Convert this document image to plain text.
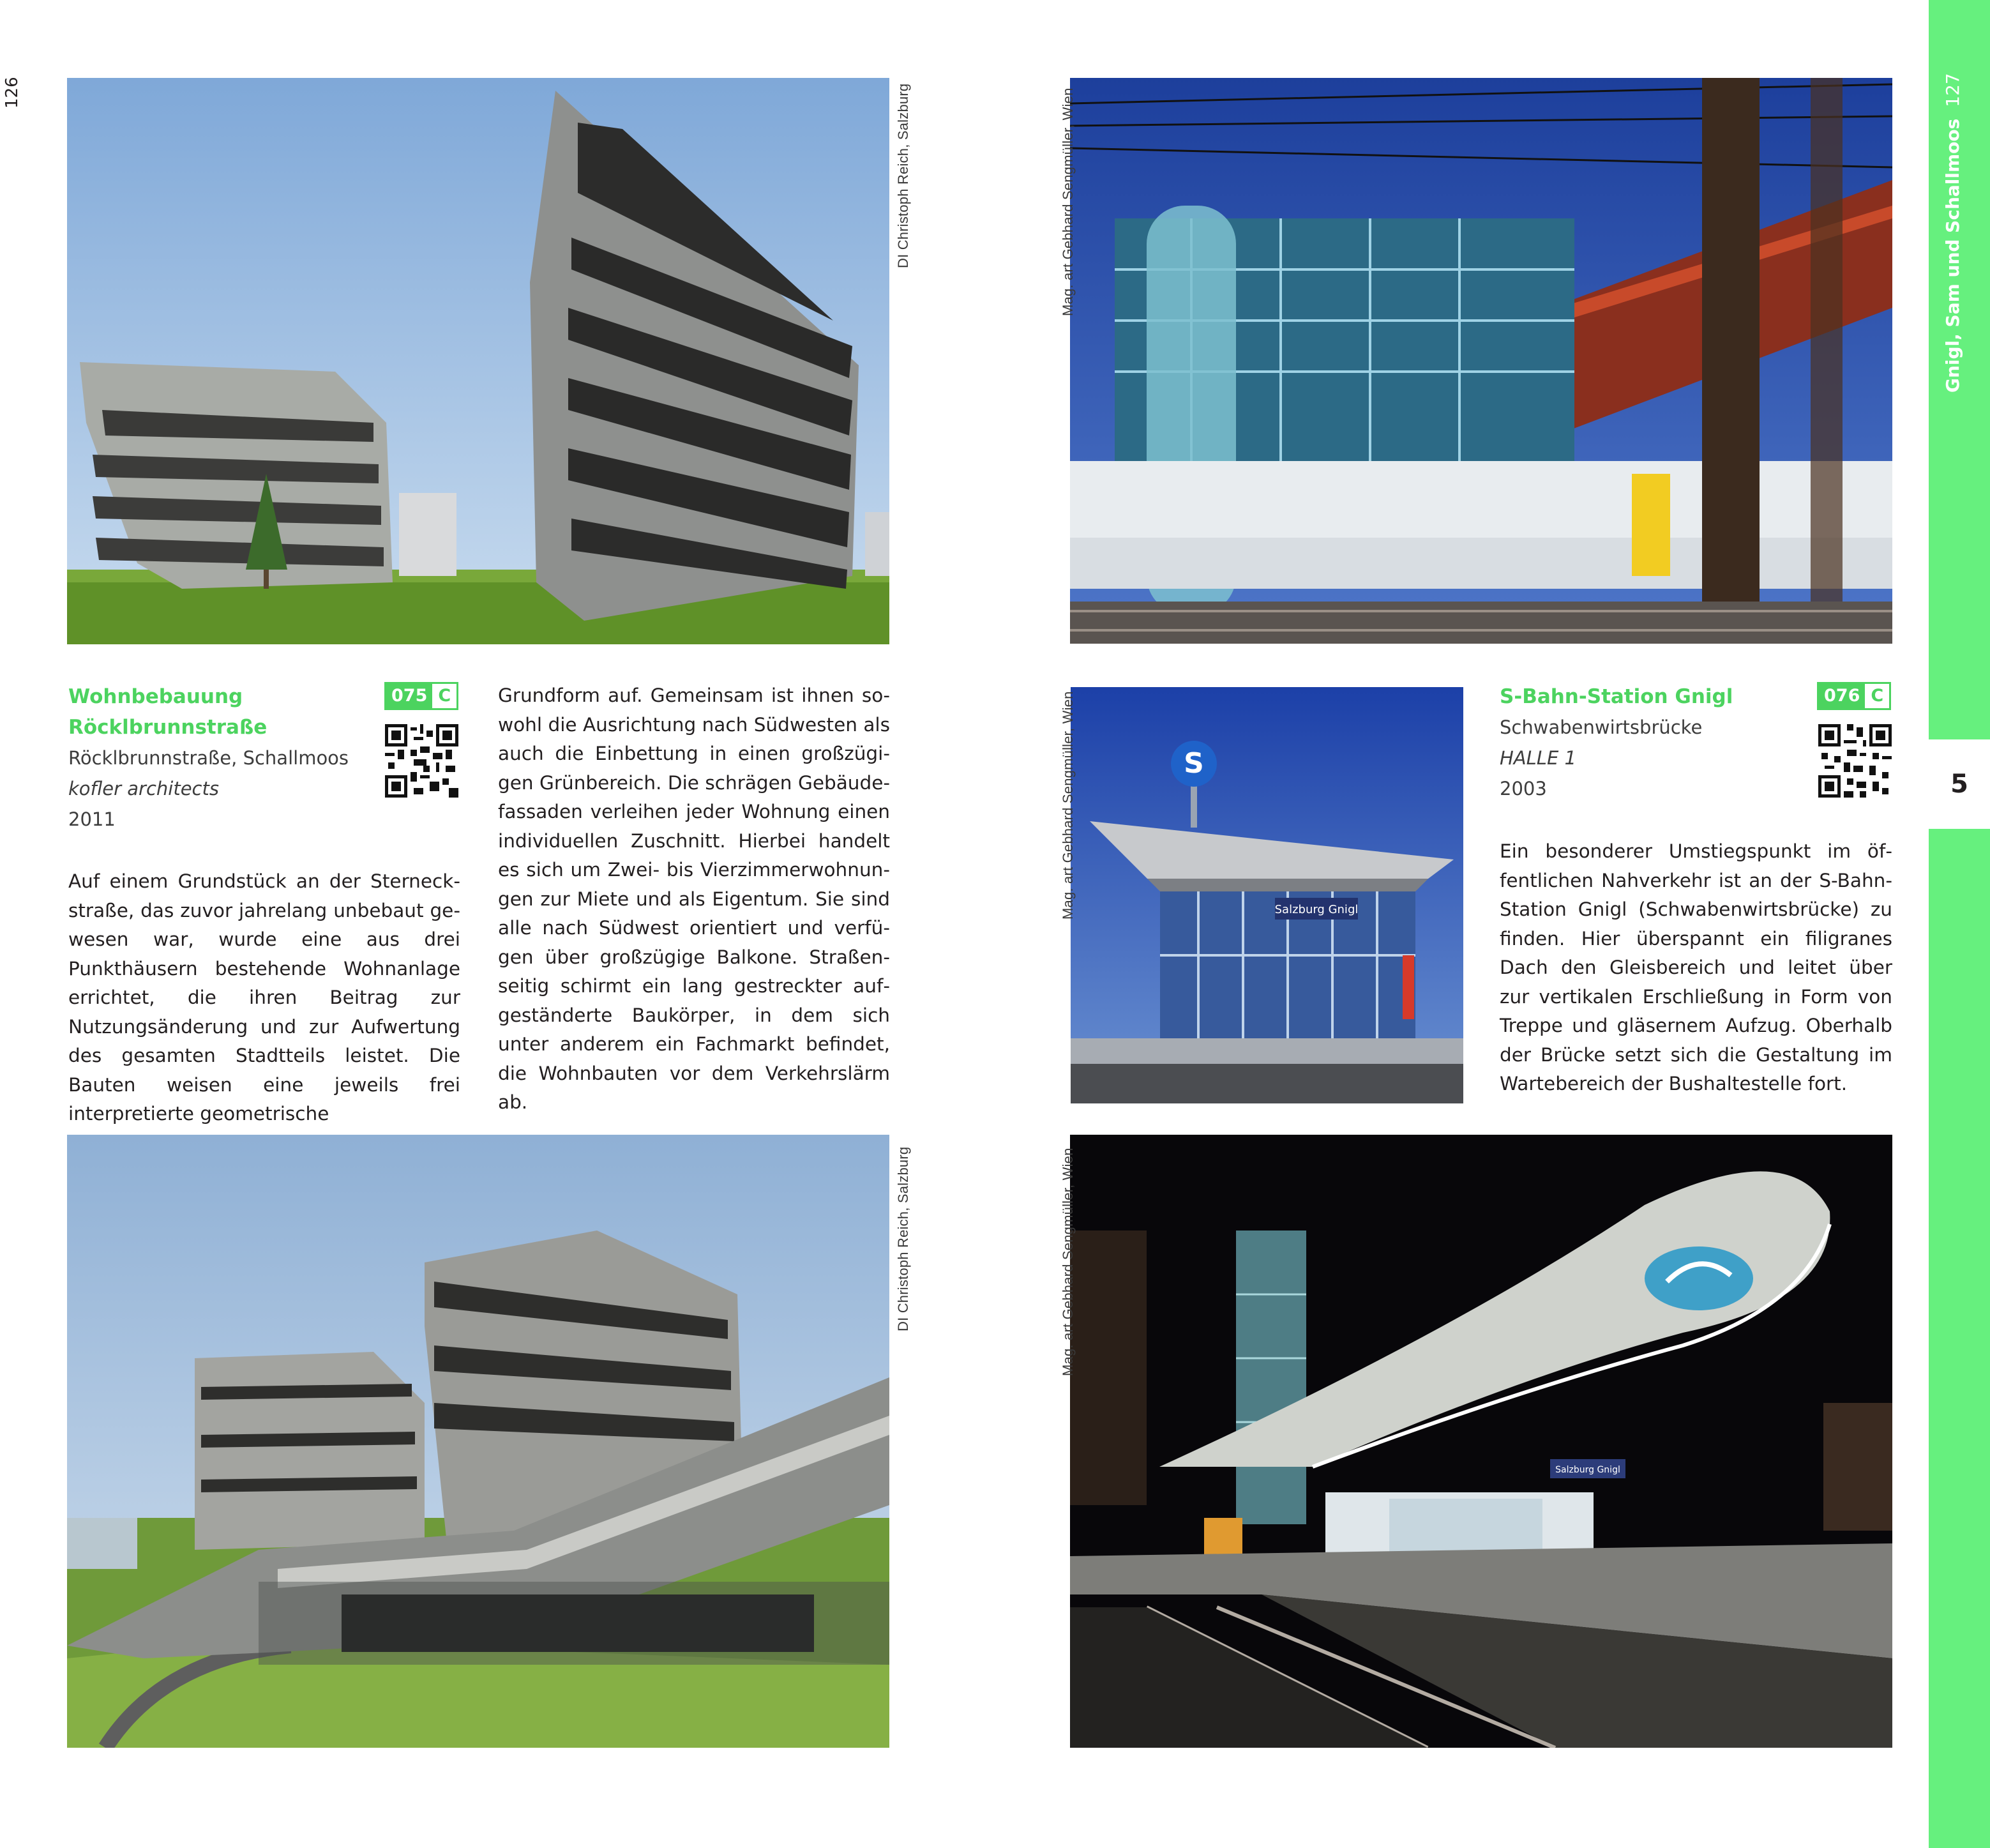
126	DI Christoph Reich, Salzburg
Wohnbebauung
Röcklbrunnstraße
Röcklbrunnstraße, Schallmoos
kofler architects
2011
075 C

Auf einem Grundstück an der Sterneckstraße, das zuvor jahrelang unbebaut gewesen war, wurde eine aus drei Punkthäusern bestehende Wohnanlage errichtet, die ihren Beitrag zur Nutzungsänderung und zur Aufwertung des gesamten Stadtteils leistet. Die Bauten weisen eine jeweils frei interpretierte geometrische

Grundform auf. Gemeinsam ist ihnen sowohl die Ausrichtung nach Südwesten als auch die Einbettung in einen großzügigen Grünbereich. Die schrägen Gebäudefassaden verleihen jeder Wohnung einen individuellen Zuschnitt. Hierbei handelt es sich um Zwei- bis Vierzimmerwohnungen zur Miete und als Eigentum. Sie sind alle nach Südwest orientiert und verfügen über großzügige Balkone. Straßenseitig schirmt ein lang gestreckter aufgeständerte Baukörper, in dem sich unter anderem ein Fachmarkt befindet, die Wohnbauten vor dem Verkehrslärm ab.

DI Christoph Reich, Salzburg
Gnigl, Sam und Schallmoos127
5
Mag. art Gebhard Sengmüller, Wien
Salzburg Gnigl
S
Mag. art Gebhard Sengmüller, Wien	S-Bahn-Station Gnigl
Schwabenwirtsbrücke
HALLE 1
2003
076 C

Ein besonderer Umstiegspunkt im öffentlichen Nahverkehr ist an der S-Bahn-Station Gnigl (Schwabenwirtsbrücke) zu finden. Hier überspannt ein filigranes Dach den Gleisbereich und leitet über zur vertikalen Erschließung in Form von Treppe und gläsernem Aufzug. Oberhalb der Brücke setzt sich die Gestaltung im Wartebereich der Bushaltestelle fort.

Salzburg Gnigl
Mag. art Gebhard Sengmüller, Wien
